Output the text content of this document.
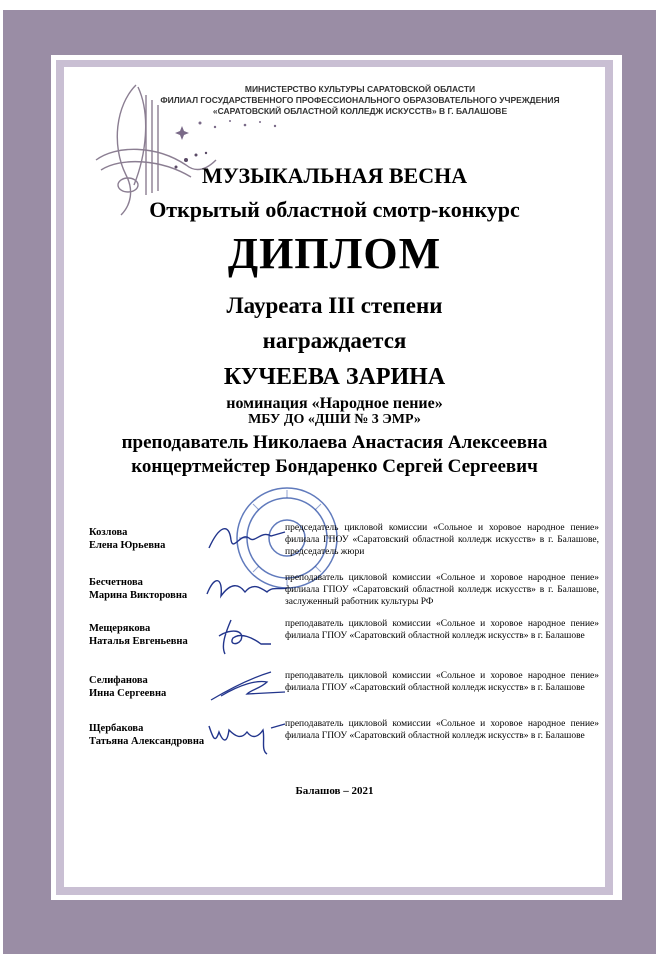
МИНИСТЕРСТВО КУЛЬТУРЫ САРАТОВСКОЙ ОБЛАСТИ
ФИЛИАЛ ГОСУДАРСТВЕННОГО ПРОФЕССИОНАЛЬНОГО ОБРАЗОВАТЕЛЬНОГО УЧРЕЖДЕНИЯ
«САРАТОВСКИЙ ОБЛАСТНОЙ КОЛЛЕДЖ ИСКУССТВ» В Г. БАЛАШОВЕ
МУЗЫКАЛЬНАЯ ВЕСНА
Открытый областной смотр-конкурс
ДИПЛОМ
Лауреата III степени
награждается
КУЧЕЕВА ЗАРИНА
номинация «Народное пение»
МБУ ДО «ДШИ № 3 ЭМР»
преподаватель Николаева Анастасия Алексеевна
концертмейстер Бондаренко Сергей Сергеевич
Козлова
Елена Юрьевна
председатель цикловой комиссии «Сольное и хоровое народное пение» филиала ГПОУ «Саратовский областной колледж искусств» в г. Балашове, председатель жюри
Бесчетнова
Марина Викторовна
преподаватель цикловой комиссии «Сольное и хоровое народное пение» филиала ГПОУ «Саратовский областной колледж искусств» в г. Балашове, заслуженный работник культуры РФ
Мещерякова
Наталья Евгеньевна
преподаватель цикловой комиссии «Сольное и хоровое народное пение» филиала ГПОУ «Саратовский областной колледж искусств» в г. Балашове
Селифанова
Инна Сергеевна
преподаватель цикловой комиссии «Сольное и хоровое народное пение» филиала ГПОУ «Саратовский областной колледж искусств» в г. Балашове
Щербакова
Татьяна Александровна
преподаватель цикловой комиссии «Сольное и хоровое народное пение» филиала ГПОУ «Саратовский областной колледж искусств» в г. Балашове
Балашов – 2021
